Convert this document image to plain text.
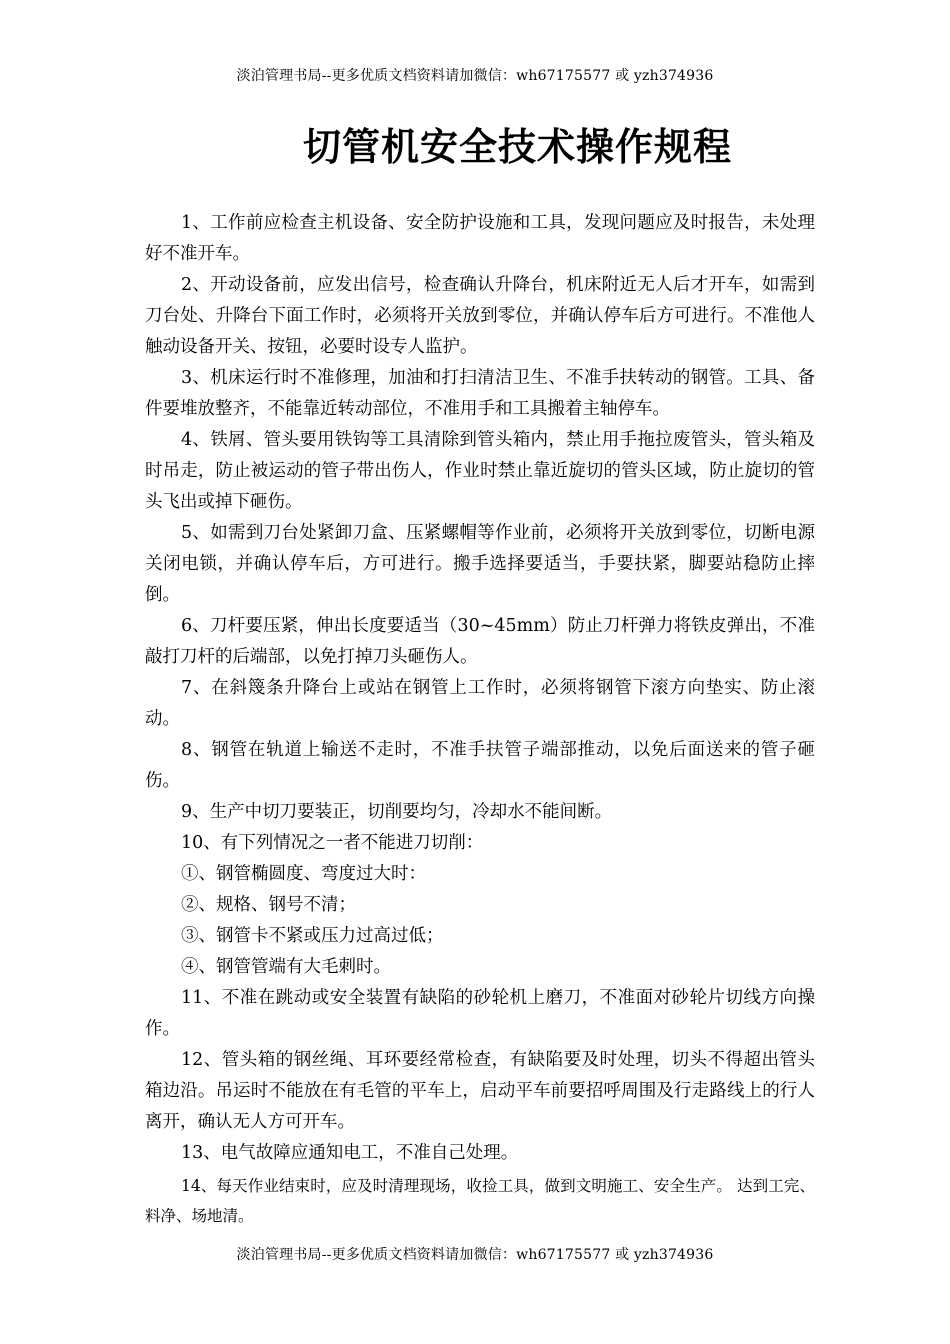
淡泊管理书局--更多优质文档资料请加微信：wh67175577 或 yzh374936
切管机安全技术操作规程

1、工作前应检查主机设备、安全防护设施和工具，发现问题应及时报告，未处理好不准开车。

2、开动设备前，应发出信号，检查确认升降台，机床附近无人后才开车，如需到刀台处、升降台下面工作时，必须将开关放到零位，并确认停车后方可进行。不准他人触动设备开关、按钮，必要时设专人监护。

3、机床运行时不准修理，加油和打扫清洁卫生、不准手扶转动的钢管。工具、备件要堆放整齐，不能靠近转动部位，不准用手和工具搬着主轴停车。

4、铁屑、管头要用铁钩等工具清除到管头箱内，禁止用手拖拉废管头，管头箱及时吊走，防止被运动的管子带出伤人，作业时禁止靠近旋切的管头区域，防止旋切的管头飞出或掉下砸伤。

5、如需到刀台处紧卸刀盒、压紧螺帽等作业前，必须将开关放到零位，切断电源关闭电锁，并确认停车后，方可进行。搬手选择要适当，手要扶紧，脚要站稳防止摔倒。

6、刀杆要压紧，伸出长度要适当（30~45mm）防止刀杆弹力将铁皮弹出，不准敲打刀杆的后端部，以免打掉刀头砸伤人。

7、在斜篾条升降台上或站在钢管上工作时，必须将钢管下滚方向垫实、防止滚动。

8、钢管在轨道上输送不走时，不准手扶管子端部推动，以免后面送来的管子砸伤。

9、生产中切刀要装正，切削要均匀，冷却水不能间断。

10、有下列情况之一者不能进刀切削：

①、钢管椭圆度、弯度过大时：

②、规格、钢号不清；

③、钢管卡不紧或压力过高过低；

④、钢管管端有大毛刺时。

11、不准在跳动或安全装置有缺陷的砂轮机上磨刀，不准面对砂轮片切线方向操作。

12、管头箱的钢丝绳、耳环要经常检查，有缺陷要及时处理，切头不得超出管头箱边沿。吊运时不能放在有毛管的平车上，启动平车前要招呼周围及行走路线上的行人离开，确认无人方可开车。

13、电气故障应通知电工，不准自己处理。

14、每天作业结束时，应及时清理现场，收捡工具，做到文明施工、安全生产。 达到工完、料净、场地清。

淡泊管理书局--更多优质文档资料请加微信：wh67175577 或 yzh374936
